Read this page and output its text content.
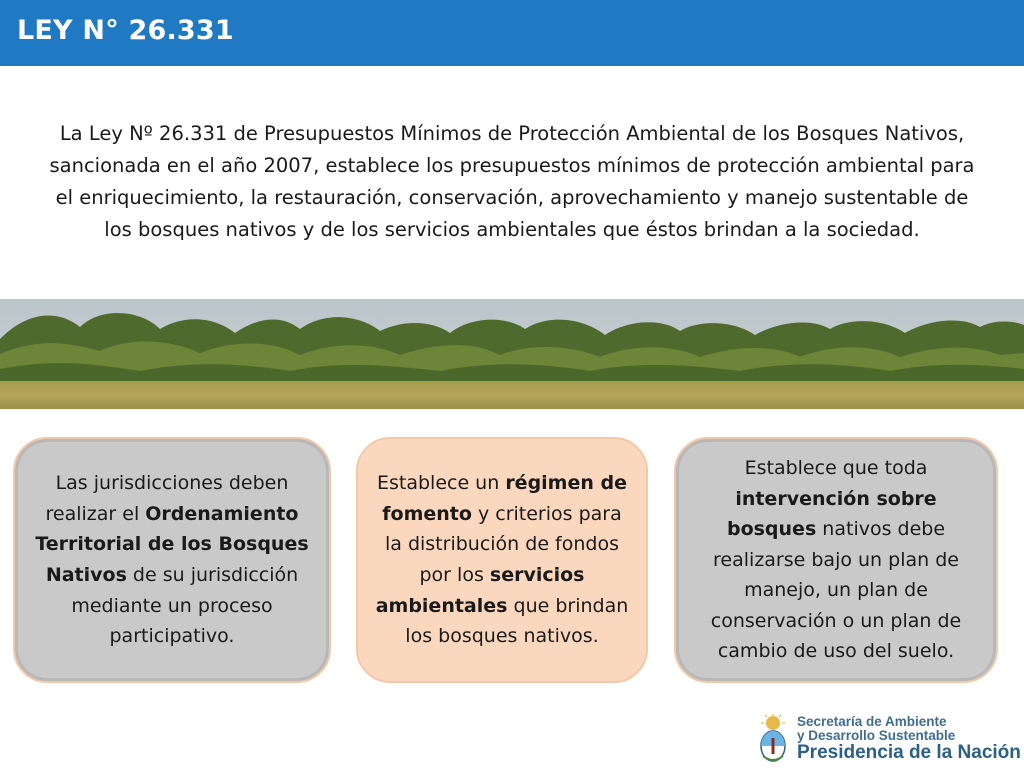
LEY N° 26.331
La Ley Nº 26.331 de Presupuestos Mínimos de Protección Ambiental de los Bosques Nativos, sancionada en el año 2007, establece los presupuestos mínimos de protección ambiental para el enriquecimiento, la restauración, conservación, aprovechamiento y manejo sustentable de los bosques nativos y de los servicios ambientales que éstos brindan a la sociedad.
Las jurisdicciones deben realizar el Ordenamiento Territorial de los Bosques Nativos de su jurisdicción mediante un proceso participativo.
Establece un régimen de fomento y criterios para la distribución de fondos por los servicios ambientales que brindan los bosques nativos.
Establece que toda intervención sobre bosques nativos debe realizarse bajo un plan de manejo, un plan de conservación o un plan de cambio de uso del suelo.
Secretaría de Ambiente
y Desarrollo Sustentable
Presidencia de la Nación
